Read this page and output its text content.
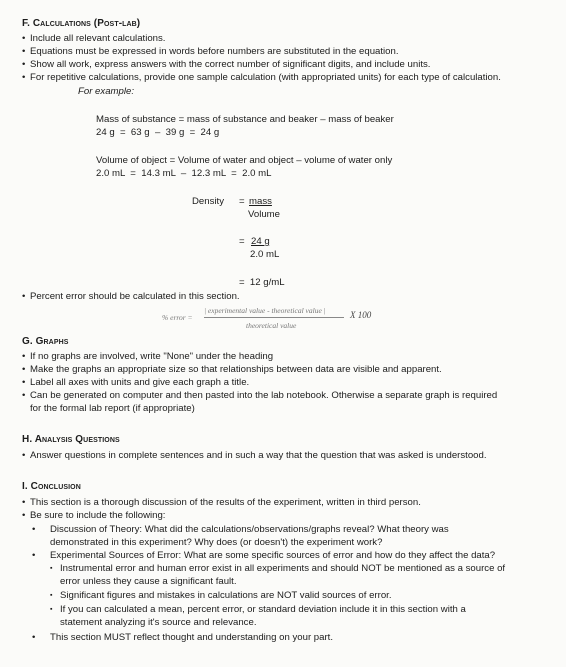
F. Calculations (Post-lab)
• Include all relevant calculations.
• Equations must be expressed in words before numbers are substituted in the equation.
• Show all work, express answers with the correct number of significant digits, and include units.
• For repetitive calculations, provide one sample calculation (with appropriated units) for each type of calculation.
For example:
Mass of substance = mass of substance and beaker – mass of beaker
24 g  =  63 g  –  39 g  =  24 g
Volume of object = Volume of water and object – volume of water only
2.0 mL  =  14.3 mL  –  12.3 mL  =  2.0 mL
Density = mass
Volume
= 24 g
2.0 mL
=  12 g/mL
• Percent error should be calculated in this section.
% error =
| experimental value - theoretical value |
theoretical value
X 100
G. Graphs
• If no graphs are involved, write "None" under the heading
• Make the graphs an appropriate size so that relationships between data are visible and apparent.
• Label all axes with units and give each graph a title.
• Can be generated on computer and then pasted into the lab notebook. Otherwise a separate graph is required
for the formal lab report (if appropriate)
H. Analysis Questions
• Answer questions in complete sentences and in such a way that the question that was asked is understood.
I. Conclusion
• This section is a thorough discussion of the results of the experiment, written in third person.
• Be sure to include the following:
• Discussion of Theory: What did the calculations/observations/graphs reveal? What theory was
demonstrated in this experiment? Why does (or doesn't) the experiment work?
• Experimental Sources of Error: What are some specific sources of error and how do they affect the data?
▪ Instrumental error and human error exist in all experiments and should NOT be mentioned as a source of
error unless they cause a significant fault.
▪ Significant figures and mistakes in calculations are NOT valid sources of error.
▪ If you can calculated a mean, percent error, or standard deviation include it in this section with a
statement analyzing it's source and relevance.
• This section MUST reflect thought and understanding on your part.
